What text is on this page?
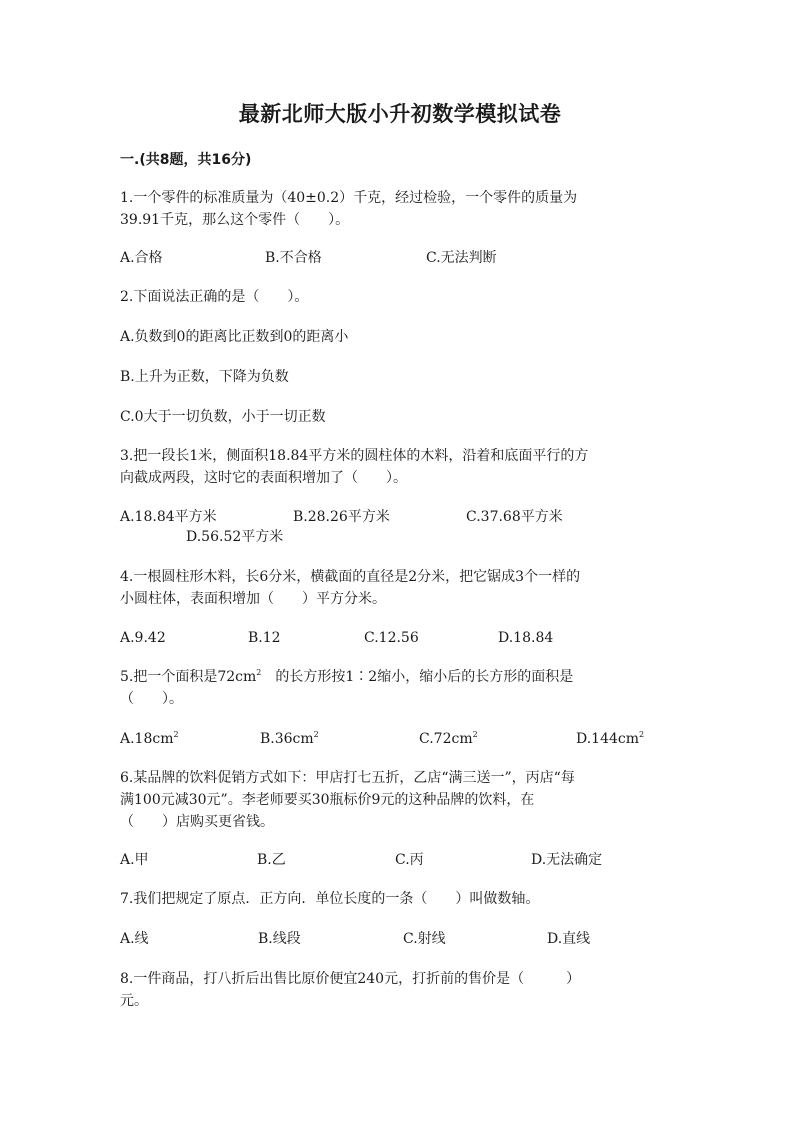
最新北师大版小升初数学模拟试卷
一.(共8题，共16分)
1.一个零件的标准质量为（40±0.2）千克，经过检验，一个零件的质量为
39.91千克，那么这个零件（　　）。
A.合格	B.不合格	C.无法判断
2.下面说法正确的是（　　）。
A.负数到0的距离比正数到0的距离小
B.上升为正数，下降为负数
C.0大于一切负数，小于一切正数
3.把一段长1米，侧面积18.84平方米的圆柱体的木料，沿着和底面平行的方
向截成两段，这时它的表面积增加了（　　）。
A.18.84平方米	B.28.26平方米	C.37.68平方米
D.56.52平方米
4.一根圆柱形木料，长6分米，横截面的直径是2分米，把它锯成3个一样的
小圆柱体，表面积增加（　　）平方分米。
A.9.42	B.12	C.12.56	D.18.84
5.把一个面积是$72cm^2$　 的长方形按1∶2缩小，缩小后的长方形的面积是
（　　）。
$A.18cm^2$	$B.36cm^2$	$C.72cm^2$	$D.144cm^2$
6.某品牌的饮料促销方式如下：甲店打七五折，乙店“满三送一”，丙店“每
满100元减30元”。李老师要买30瓶标价9元的这种品牌的饮料，在
（　　）店购买更省钱。
A.甲	B.乙	C.丙	D.无法确定
7.我们把规定了原点．正方向．单位长度的一条（　　）叫做数轴。
A.线	B.线段	C.射线	D.直线
8.一件商品，打八折后出售比原价便宜240元，打折前的售价是（　　　）
元。
